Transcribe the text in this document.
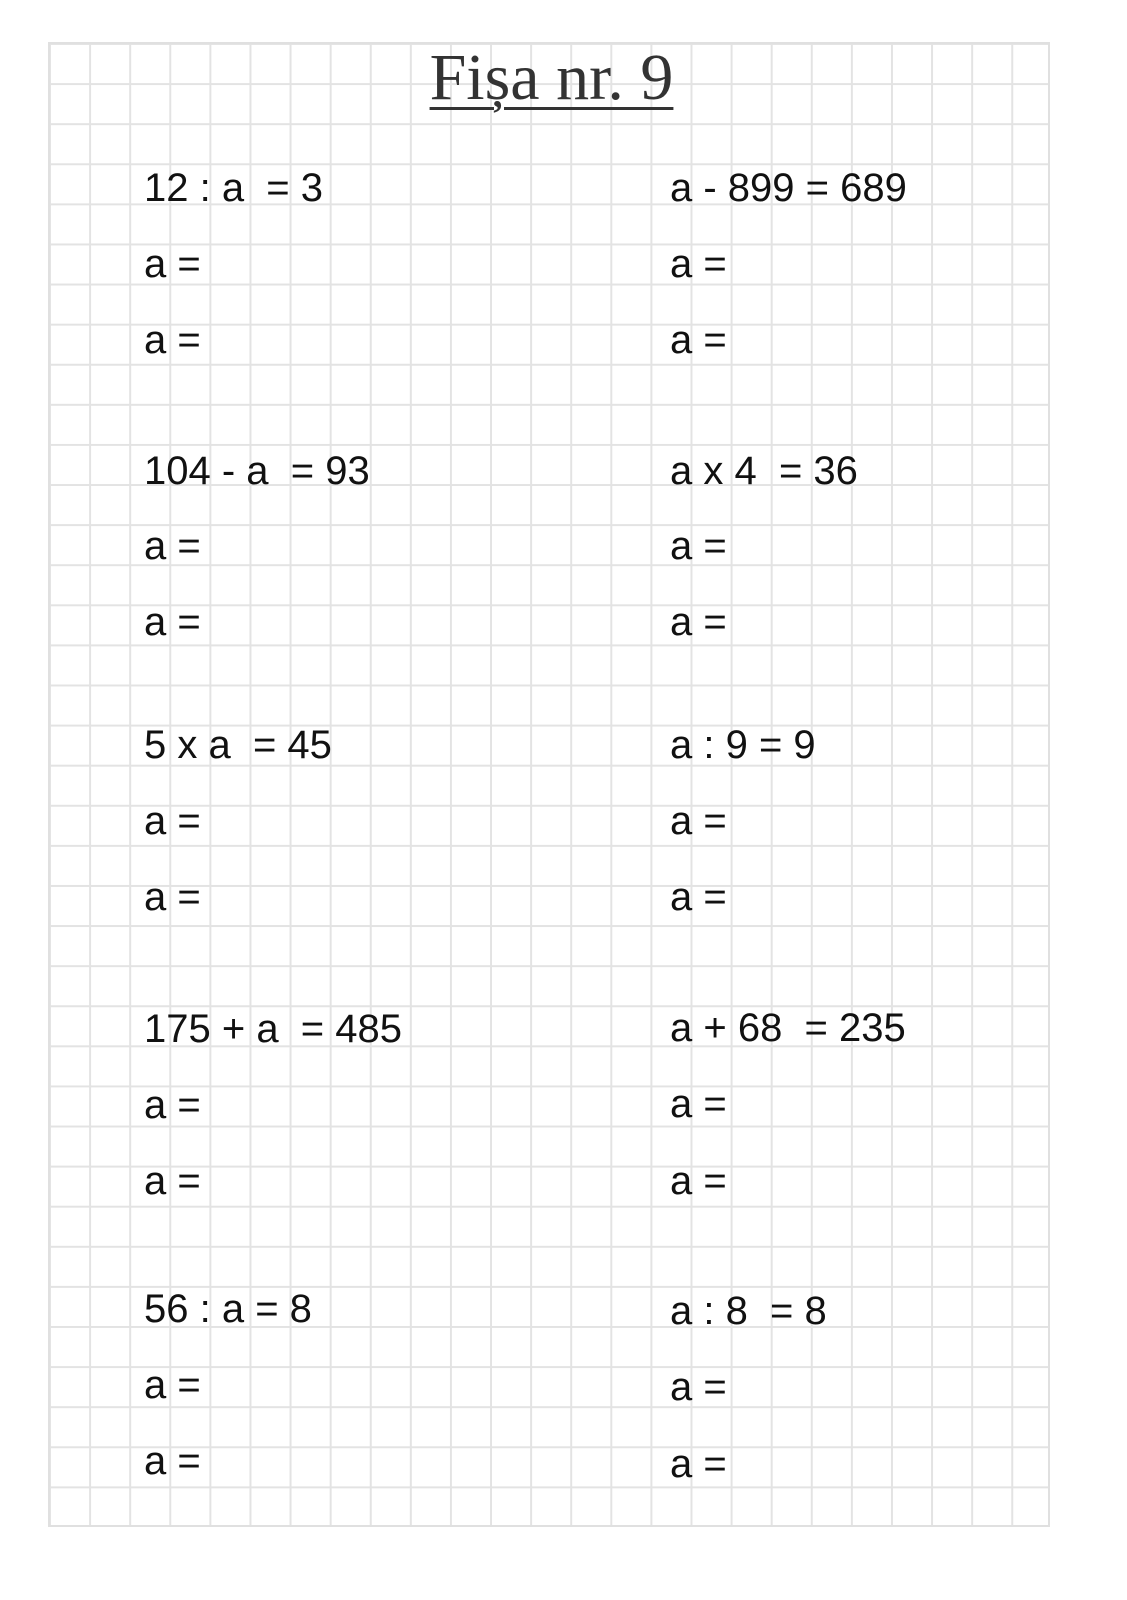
Fișa nr. 9

12 : a  = 3

a =

a =

a - 899 = 689

a =

a =

104 - a  = 93

a =

a =

a x 4  = 36

a =

a =

5 x a  = 45

a =

a =

a : 9 = 9

a =

a =

175 + a  = 485

a =

a =

a + 68  = 235

a =

a =

56 : a = 8

a =

a =

a : 8  = 8

a =

a =
